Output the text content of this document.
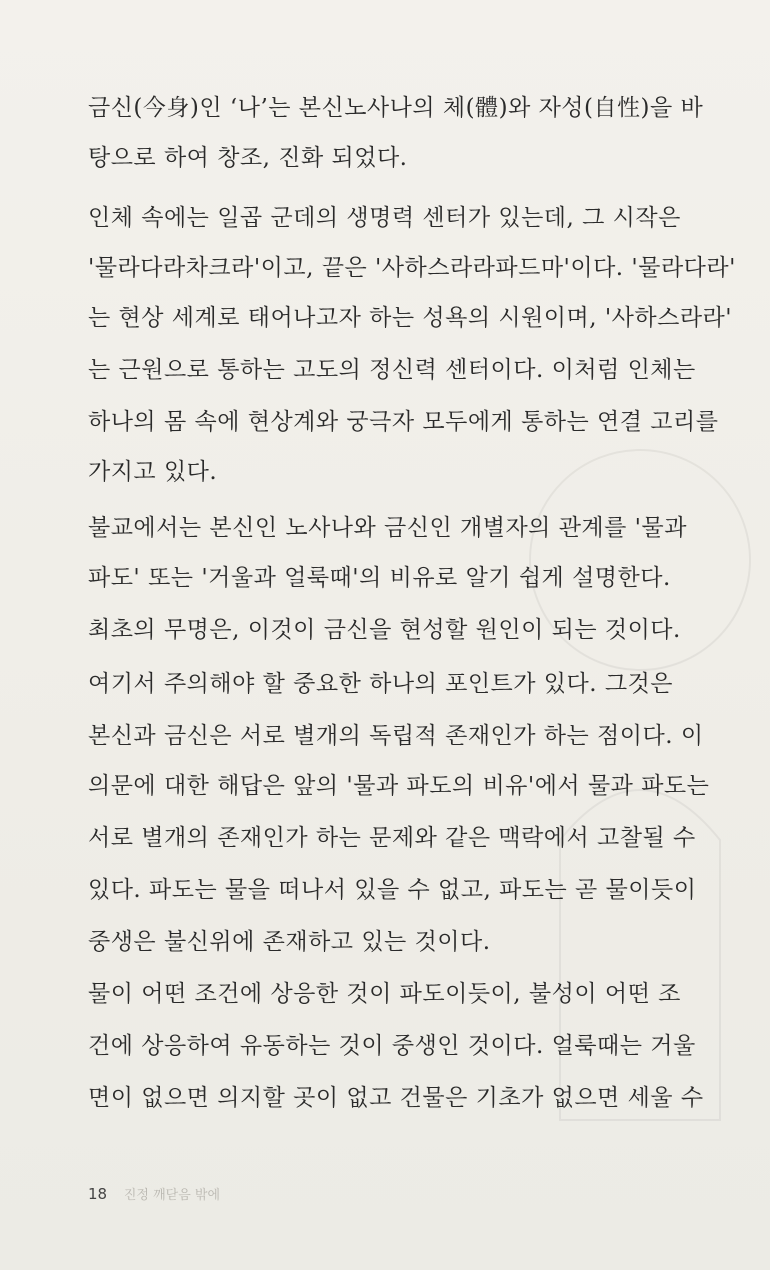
금신(今身)인 ‘나’는 본신노사나의 체(體)와 자성(自性)을 바
탕으로 하여 창조, 진화 되었다.
인체 속에는 일곱 군데의 생명력 센터가 있는데, 그 시작은
'물라다라차크라'이고, 끝은 '사하스라라파드마'이다. '물라다라'
는 현상 세계로 태어나고자 하는 성욕의 시원이며, '사하스라라'
는 근원으로 통하는 고도의 정신력 센터이다. 이처럼 인체는
하나의 몸 속에 현상계와 궁극자 모두에게 통하는 연결 고리를
가지고 있다.
불교에서는 본신인 노사나와 금신인 개별자의 관계를 '물과
파도' 또는 '거울과 얼룩때'의 비유로 알기 쉽게 설명한다.
최초의 무명은, 이것이 금신을 현성할 원인이 되는 것이다.
여기서 주의해야 할 중요한 하나의 포인트가 있다. 그것은
본신과 금신은 서로 별개의 독립적 존재인가 하는 점이다. 이
의문에 대한 해답은 앞의 '물과 파도의 비유'에서 물과 파도는
서로 별개의 존재인가 하는 문제와 같은 맥락에서 고찰될 수
있다. 파도는 물을 떠나서 있을 수 없고, 파도는 곧 물이듯이
중생은 불신위에 존재하고 있는 것이다.
물이 어떤 조건에 상응한 것이 파도이듯이, 불성이 어떤 조
건에 상응하여 유동하는 것이 중생인 것이다. 얼룩때는 거울
면이 없으면 의지할 곳이 없고 건물은 기초가 없으면 세울 수
18 진정 깨닫음 밖에
